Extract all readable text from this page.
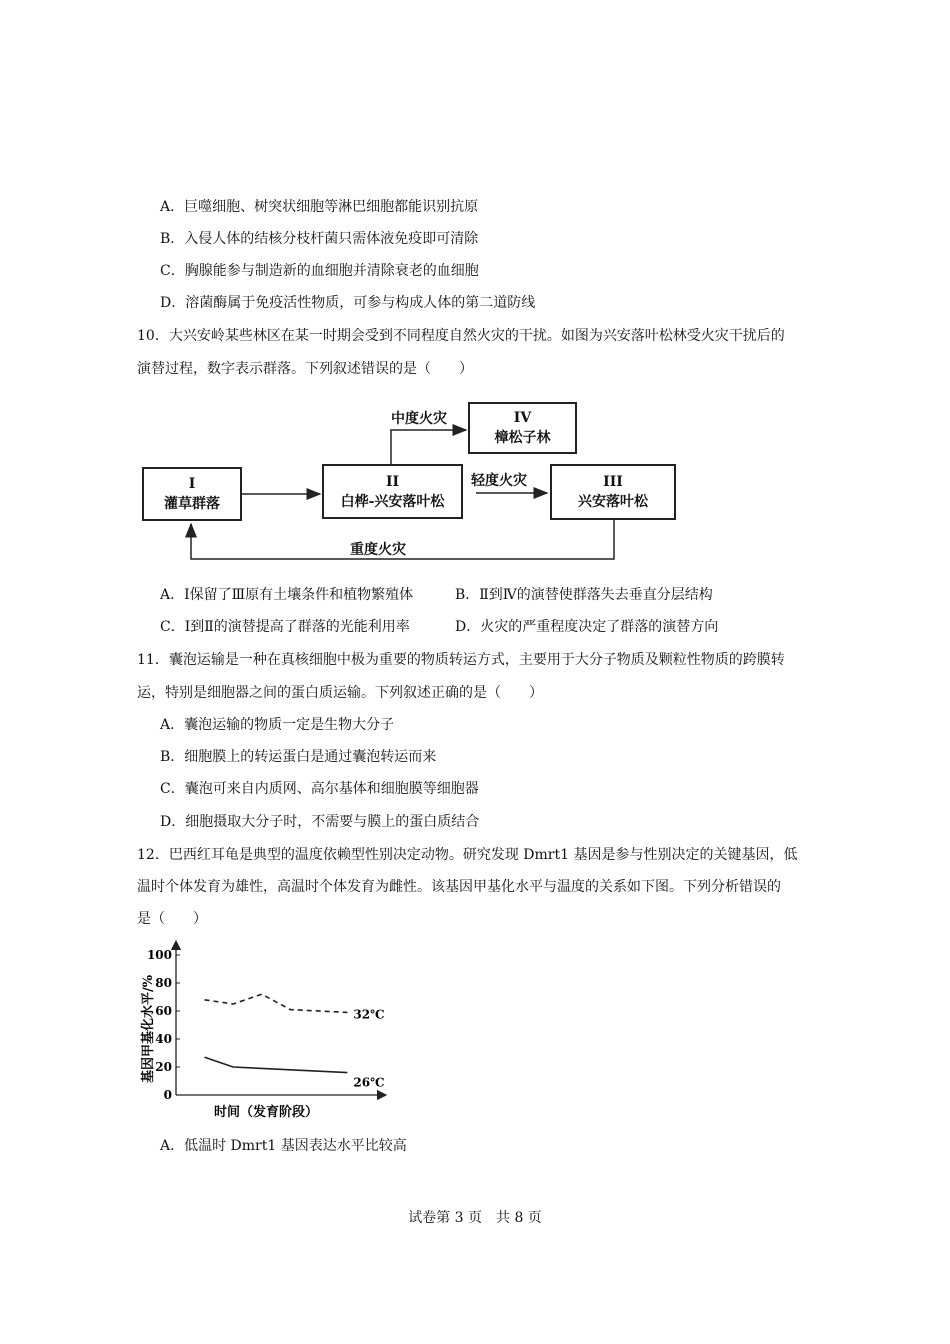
A．巨噬细胞、树突状细胞等淋巴细胞都能识别抗原
B．入侵人体的结核分枝杆菌只需体液免疫即可清除
C．胸腺能参与制造新的血细胞并清除衰老的血细胞
D．溶菌酶属于免疫活性物质，可参与构成人体的第二道防线
10．大兴安岭某些林区在某一时期会受到不同程度自然火灾的干扰。如图为兴安落叶松林受火灾干扰后的
演替过程，数字表示群落。下列叙述错误的是（　　）
I
灌草群落
II
白桦-兴安落叶松
III
兴安落叶松
IV
樟松子林
中度火灾
轻度火灾
重度火灾
A．Ⅰ保留了Ⅲ原有土壤条件和植物繁殖体	B．Ⅱ到Ⅳ的演替使群落失去垂直分层结构
C．Ⅰ到Ⅱ的演替提高了群落的光能利用率	D．火灾的严重程度决定了群落的演替方向
11．囊泡运输是一种在真核细胞中极为重要的物质转运方式，主要用于大分子物质及颗粒性物质的跨膜转
运，特别是细胞器之间的蛋白质运输。下列叙述正确的是（　　）
A．囊泡运输的物质一定是生物大分子
B．细胞膜上的转运蛋白是通过囊泡转运而来
C．囊泡可来自内质网、高尔基体和细胞膜等细胞器
D．细胞摄取大分子时，不需要与膜上的蛋白质结合
12．巴西红耳龟是典型的温度依赖型性别决定动物。研究发现 Dmrt1 基因是参与性别决定的关键基因，低
温时个体发育为雄性，高温时个体发育为雌性。该基因甲基化水平与温度的关系如下图。下列分析错误的
是（　　）
0
20
40
60
80
100
32℃
26℃
基因甲基化水平/%
时间（发育阶段）
A．低温时 Dmrt1 基因表达水平比较高
试卷第 3 页　共 8 页
